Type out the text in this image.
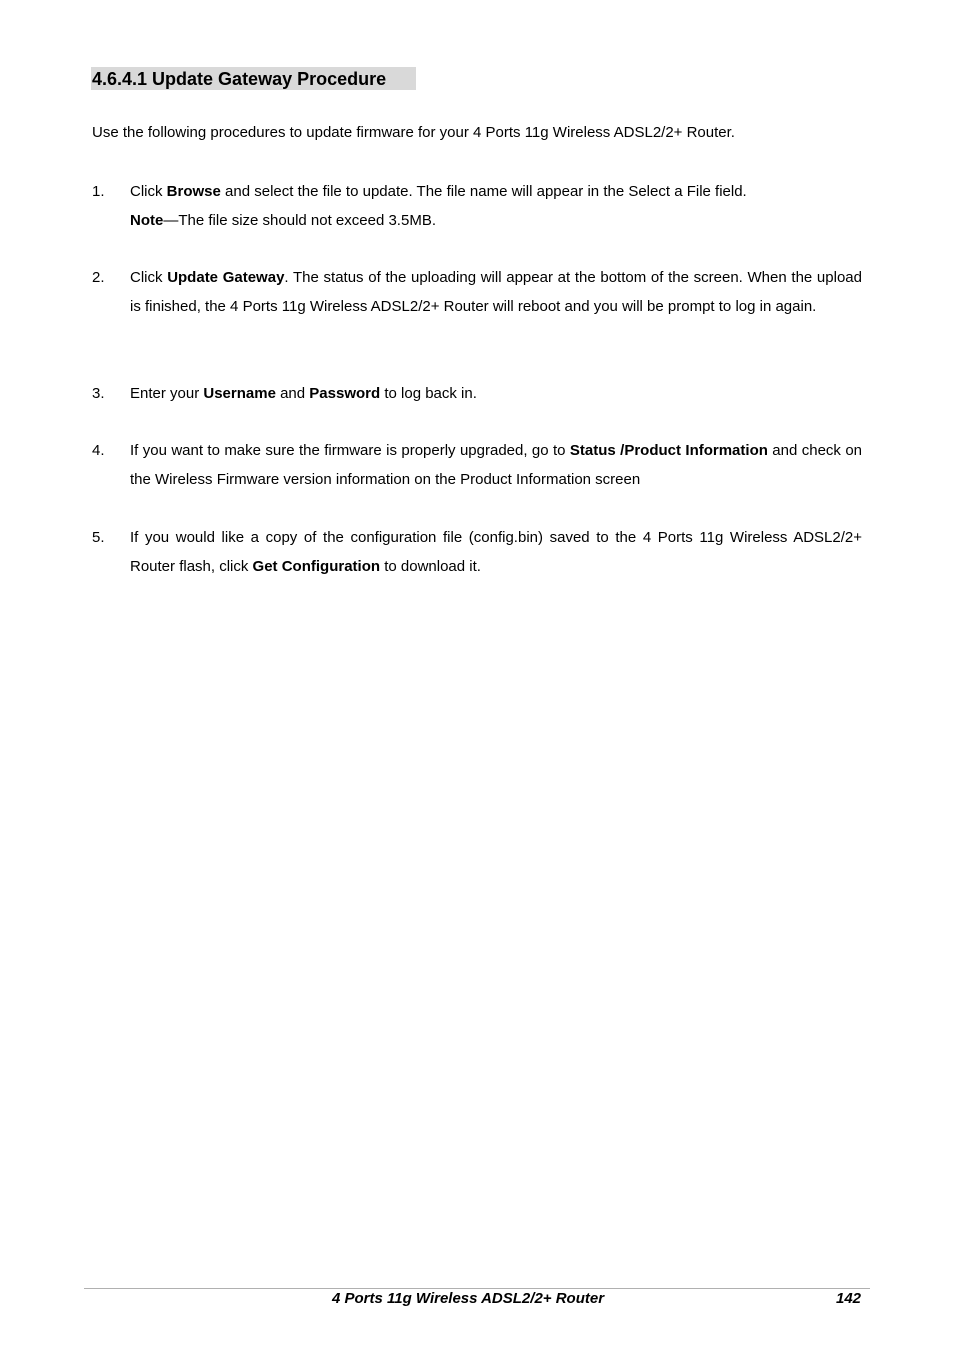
4.6.4.1 Update Gateway Procedure
Use the following procedures to update firmware for your 4 Ports 11g Wireless ADSL2/2+ Router.
1. Click Browse and select the file to update. The file name will appear in the Select a File field.
Note—The file size should not exceed 3.5MB.
2. Click Update Gateway. The status of the uploading will appear at the bottom of the screen. When the upload is finished, the 4 Ports 11g Wireless ADSL2/2+ Router will reboot and you will be prompt to log in again.
3. Enter your Username and Password to log back in.
4. If you want to make sure the firmware is properly upgraded, go to Status /Product Information and check on the Wireless Firmware version information on the Product Information screen
5. If you would like a copy of the configuration file (config.bin) saved to the 4 Ports 11g Wireless ADSL2/2+ Router flash, click Get Configuration to download it.
4 Ports 11g Wireless ADSL2/2+ Router	142
